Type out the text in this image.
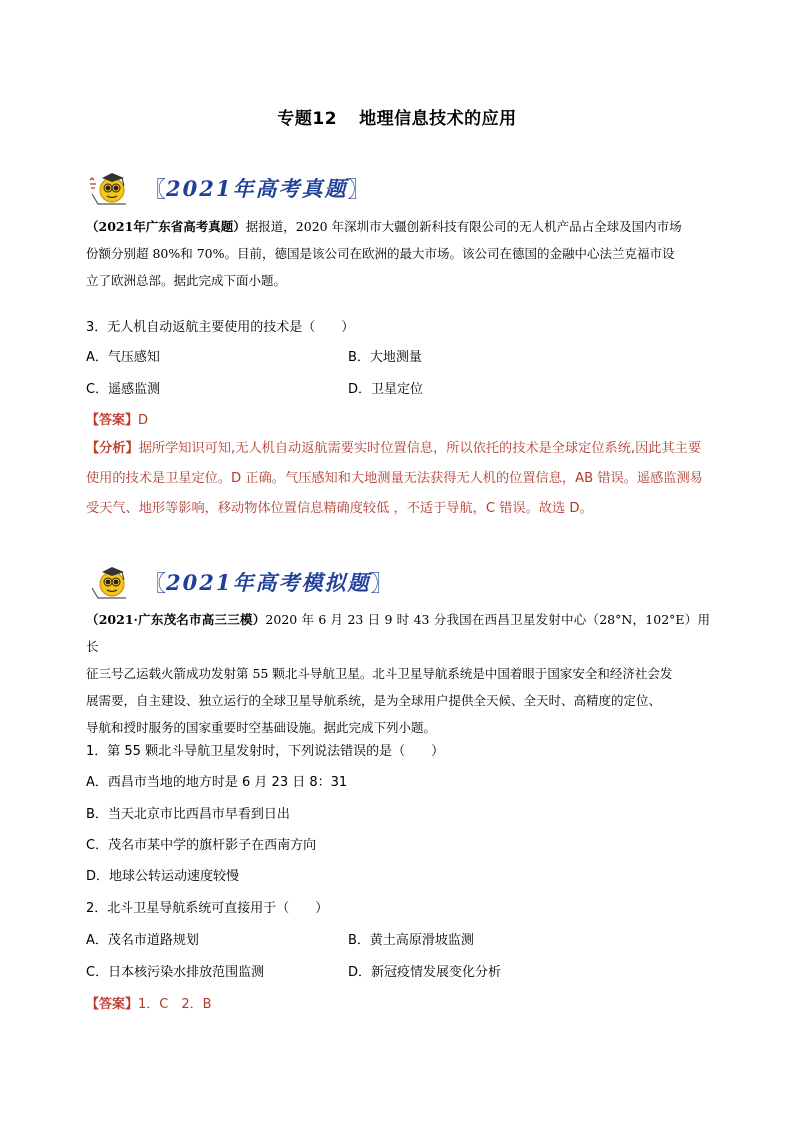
专题12 地理信息技术的应用
〖 2021年高考真题 〗
（2021年广东省高考真题）据报道，2020 年深圳市大疆创新科技有限公司的无人机产品占全球及国内市场
份额分别超 80%和 70%。目前，德国是该公司在欧洲的最大市场。该公司在德国的金融中心法兰克福市设
立了欧洲总部。据此完成下面小题。
3．无人机自动返航主要使用的技术是（　　）
A．气压感知	B．大地测量
C．遥感监测	D．卫星定位
【答案】D
【分析】据所学知识可知,无人机自动返航需要实时位置信息，所以依托的技术是全球定位系统,因此其主要
使用的技术是卫星定位。D 正确。气压感知和大地测量无法获得无人机的位置信息，AB 错误。遥感监测易
受天气、地形等影响，移动物体位置信息精确度较低 ，不适于导航，C 错误。故选 D。
〖 2021年高考模拟题 〗
（2021·广东茂名市高三三模）2020 年 6 月 23 日 9 时 43 分我国在西昌卫星发射中心（28°N，102°E）用长
征三号乙运载火箭成功发射第 55 颗北斗导航卫星。北斗卫星导航系统是中国着眼于国家安全和经济社会发
展需要，自主建设、独立运行的全球卫星导航系统，是为全球用户提供全天候、全天时、高精度的定位、
导航和授时服务的国家重要时空基础设施。据此完成下列小题。
1．第 55 颗北斗导航卫星发射时，下列说法错误的是（　　）
A．西昌市当地的地方时是 6 月 23 日 8：31
B．当天北京市比西昌市早看到日出
C．茂名市某中学的旗杆影子在西南方向
D．地球公转运动速度较慢
2．北斗卫星导航系统可直接用于（　　）
A．茂名市道路规划	B．黄土高原滑坡监测
C．日本核污染水排放范围监测	D．新冠疫情发展变化分析
【答案】1．C　2．B
